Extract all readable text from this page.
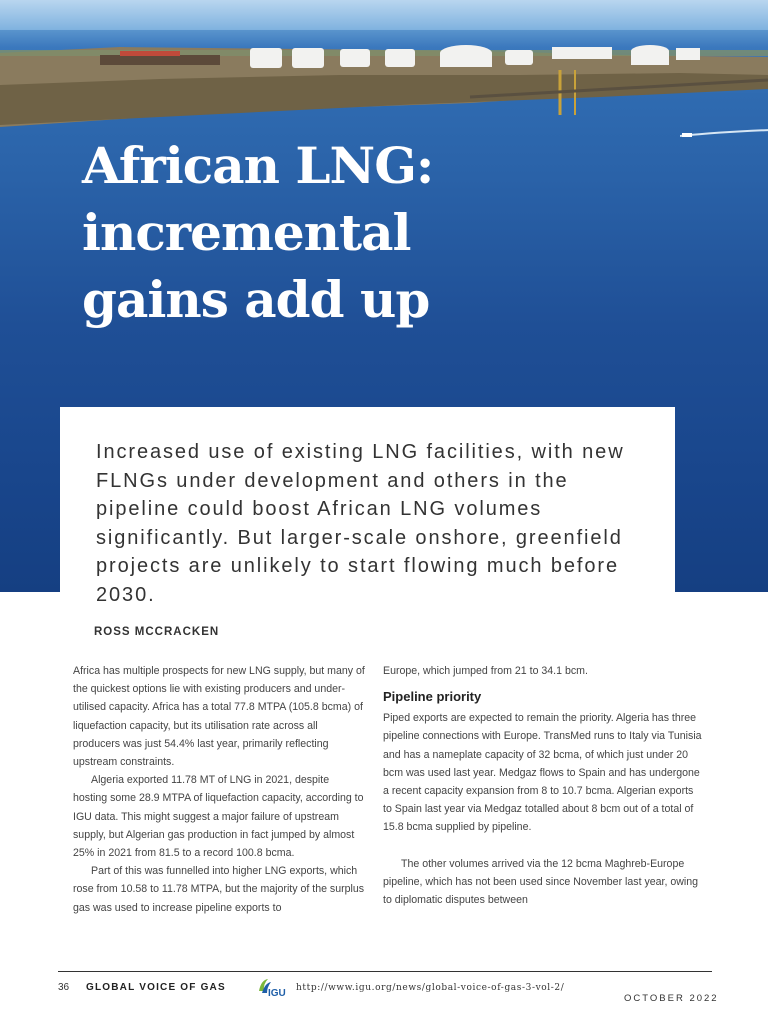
African LNG:
incremental
gains add up

Increased use of existing LNG facilities, with new FLNGs under development and others in the pipeline could boost African LNG volumes significantly. But larger-scale onshore, greenfield projects are unlikely to start flowing much before 2030.

ROSS MCCRACKEN

Africa has multiple prospects for new LNG supply, but many of the quickest options lie with existing producers and under-utilised capacity. Africa has a total 77.8 MTPA (105.8 bcma) of liquefaction capacity, but its utilisation rate across all producers was just 54.4% last year, primarily reflecting upstream constraints.

Algeria exported 11.78 MT of LNG in 2021, despite hosting some 28.9 MTPA of liquefaction capacity, according to IGU data. This might suggest a major failure of upstream supply, but Algerian gas production in fact jumped by almost 25% in 2021 from 81.5 to a record 100.8 bcma.

Part of this was funnelled into higher LNG exports, which rose from 10.58 to 11.78 MTPA, but the majority of the surplus gas was used to increase pipeline exports to

Europe, which jumped from 21 to 34.1 bcm.

Pipeline priority

Piped exports are expected to remain the priority. Algeria has three pipeline connections with Europe. TransMed runs to Italy via Tunisia and has a nameplate capacity of 32 bcma, of which just under 20 bcm was used last year. Medgaz flows to Spain and has undergone a recent capacity expansion from 8 to 10.7 bcma. Algerian exports to Spain last year via Medgaz totalled about 8 bcm out of a total of 15.8 bcma supplied by pipeline.

The other volumes arrived via the 12 bcma Maghreb-Europe pipeline, which has not been used since November last year, owing to diplomatic disputes between

36 GLOBAL VOICE OF GAS
IGU http://www.igu.org/news/global-voice-of-gas-3-vol-2/
OCTOBER 2022
